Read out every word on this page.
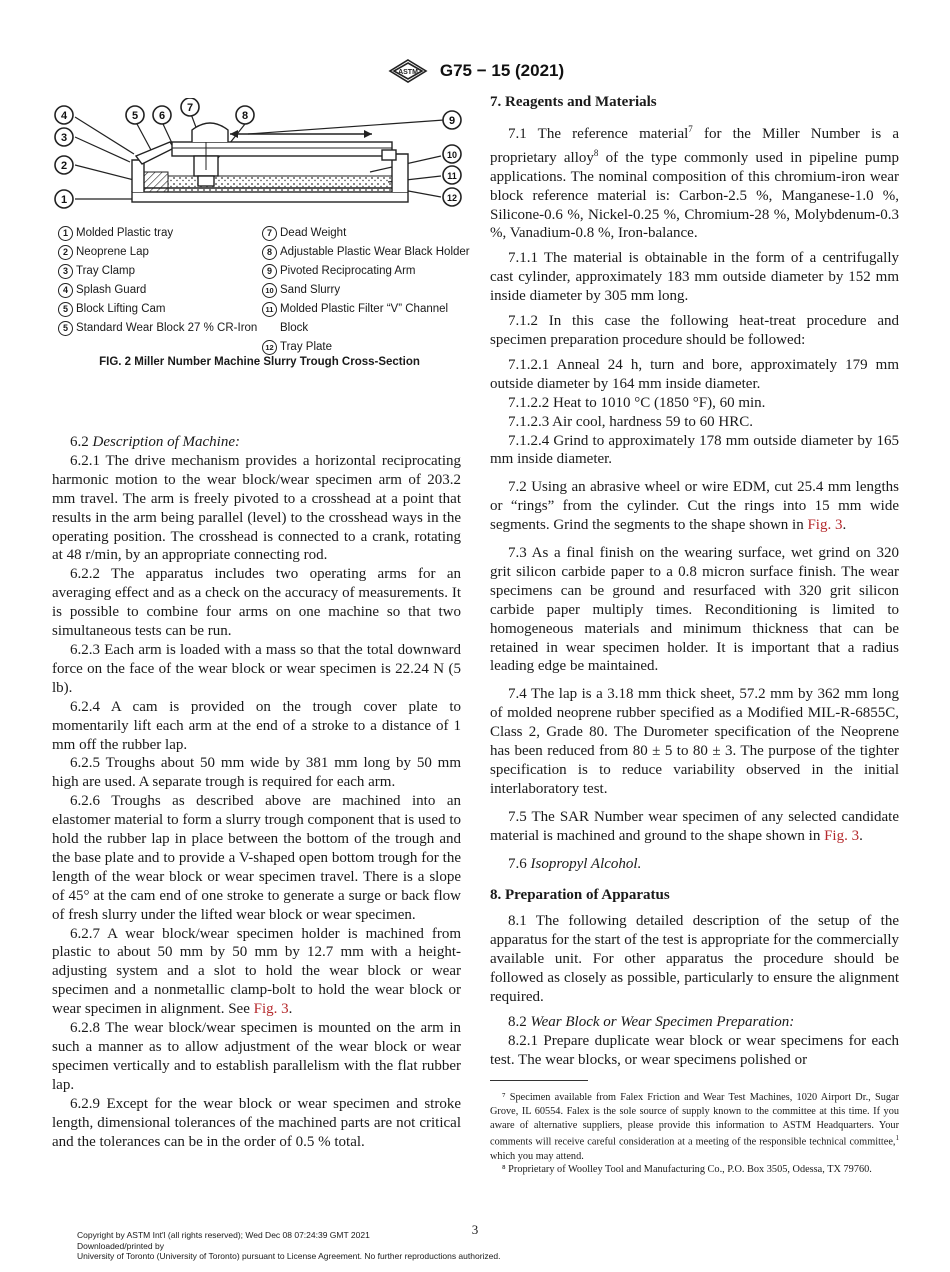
ASTM G75 − 15 (2021)
4
3
2
1
5 6
7
8	9
10
11
12
1 Molded Plastic tray
2 Neoprene Lap
3 Tray Clamp
4 Splash Guard
5 Block Lifting Cam
5 Standard Wear Block 27 % CR-Iron
7 Dead Weight
8 Adjustable Plastic Wear Black Holder
9 Pivoted Reciprocating Arm
10 Sand Slurry
11 Molded Plastic Filter “V” Channel Block
12 Tray Plate
FIG. 2 Miller Number Machine Slurry Trough Cross-Section

6.2 Description of Machine:

6.2.1 The drive mechanism provides a horizontal reciprocating harmonic motion to the wear block/wear specimen arm of 203.2 mm travel. The arm is freely pivoted to a crosshead at a point that results in the arm being parallel (level) to the crosshead ways in the operating position. The crosshead is connected to a crank, rotating at 48 r/min, by an appropriate connecting rod.

6.2.2 The apparatus includes two operating arms for an averaging effect and as a check on the accuracy of measurements. It is possible to combine four arms on one machine so that two simultaneous tests can be run.

6.2.3 Each arm is loaded with a mass so that the total downward force on the face of the wear block or wear specimen is 22.24 N (5 lb).

6.2.4 A cam is provided on the trough cover plate to momentarily lift each arm at the end of a stroke to a distance of 1 mm off the rubber lap.

6.2.5 Troughs about 50 mm wide by 381 mm long by 50 mm high are used. A separate trough is required for each arm.

6.2.6 Troughs as described above are machined into an elastomer material to form a slurry trough component that is used to hold the rubber lap in place between the bottom of the trough and the base plate and to provide a V-shaped open bottom trough for the length of the wear block or wear specimen travel. There is a slope of 45° at the cam end of one stroke to generate a surge or back flow of fresh slurry under the lifted wear block or wear specimen.

6.2.7 A wear block/wear specimen holder is machined from plastic to about 50 mm by 50 mm by 12.7 mm with a height-adjusting system and a slot to hold the wear block or wear specimen and a nonmetallic clamp-bolt to hold the wear block or wear specimen in alignment. See Fig. 3.

6.2.8 The wear block/wear specimen is mounted on the arm in such a manner as to allow adjustment of the wear block or wear specimen vertically and to establish parallelism with the flat rubber lap.

6.2.9 Except for the wear block or wear specimen and stroke length, dimensional tolerances of the machined parts are not critical and the tolerances can be in the order of 0.5 % total.

7. Reagents and Materials

7.1 The reference material$^7$ for the Miller Number is a proprietary alloy$^8$ of the type commonly used in pipeline pump applications. The nominal composition of this chromium-iron wear block reference material is: Carbon-2.5 %, Manganese-1.0 %, Silicone-0.6 %, Nickel-0.25 %, Chromium-28 %, Molybdenum-0.3 %, Vanadium-0.8 %, Iron-balance.

7.1.1 The material is obtainable in the form of a centrifugally cast cylinder, approximately 183 mm outside diameter by 152 mm inside diameter by 305 mm long.

7.1.2 In this case the following heat-treat procedure and specimen preparation procedure should be followed:

7.1.2.1 Anneal 24 h, turn and bore, approximately 179 mm outside diameter by 164 mm inside diameter.

7.1.2.2 Heat to 1010 °C (1850 °F), 60 min.

7.1.2.3 Air cool, hardness 59 to 60 HRC.

7.1.2.4 Grind to approximately 178 mm outside diameter by 165 mm inside diameter.

7.2 Using an abrasive wheel or wire EDM, cut 25.4 mm lengths or “rings” from the cylinder. Cut the rings into 15 mm wide segments. Grind the segments to the shape shown in Fig. 3.

7.3 As a final finish on the wearing surface, wet grind on 320 grit silicon carbide paper to a 0.8 micron surface finish. The wear specimens can be ground and resurfaced with 320 grit silicon carbide paper multiply times. Reconditioning is limited to homogeneous materials and minimum thickness that can be retained in wear specimen holder. It is important that a radius leading edge be maintained.

7.4 The lap is a 3.18 mm thick sheet, 57.2 mm by 362 mm long of molded neoprene rubber specified as a Modified MIL-R-6855C, Class 2, Grade 80. The Durometer specification of the Neoprene has been reduced from 80 ± 5 to 80 ± 3. The purpose of the tighter specification is to reduce variability observed in the initial interlaboratory test.

7.5 The SAR Number wear specimen of any selected candidate material is machined and ground to the shape shown in Fig. 3.

7.6 Isopropyl Alcohol.

8. Preparation of Apparatus

8.1 The following detailed description of the setup of the apparatus for the start of the test is appropriate for the commercially available unit. For other apparatus the procedure should be followed as closely as possible, particularly to ensure the alignment required.

8.2 Wear Block or Wear Specimen Preparation:

8.2.1 Prepare duplicate wear block or wear specimens for each test. The wear blocks, or wear specimens polished or

⁷ Specimen available from Falex Friction and Wear Test Machines, 1020 Airport Dr., Sugar Grove, IL 60554. Falex is the sole source of supply known to the committee at this time. If you aware of alternative suppliers, please provide this information to ASTM Headquarters. Your comments will receive careful consideration at a meeting of the responsible technical committee,$^1$ which you may attend.

⁸ Proprietary of Woolley Tool and Manufacturing Co., P.O. Box 3505, Odessa, TX 79760.

3
Copyright by ASTM Int'l (all rights reserved); Wed Dec 08 07:24:39 GMT 2021
Downloaded/printed by
University of Toronto (University of Toronto) pursuant to License Agreement. No further reproductions authorized.
